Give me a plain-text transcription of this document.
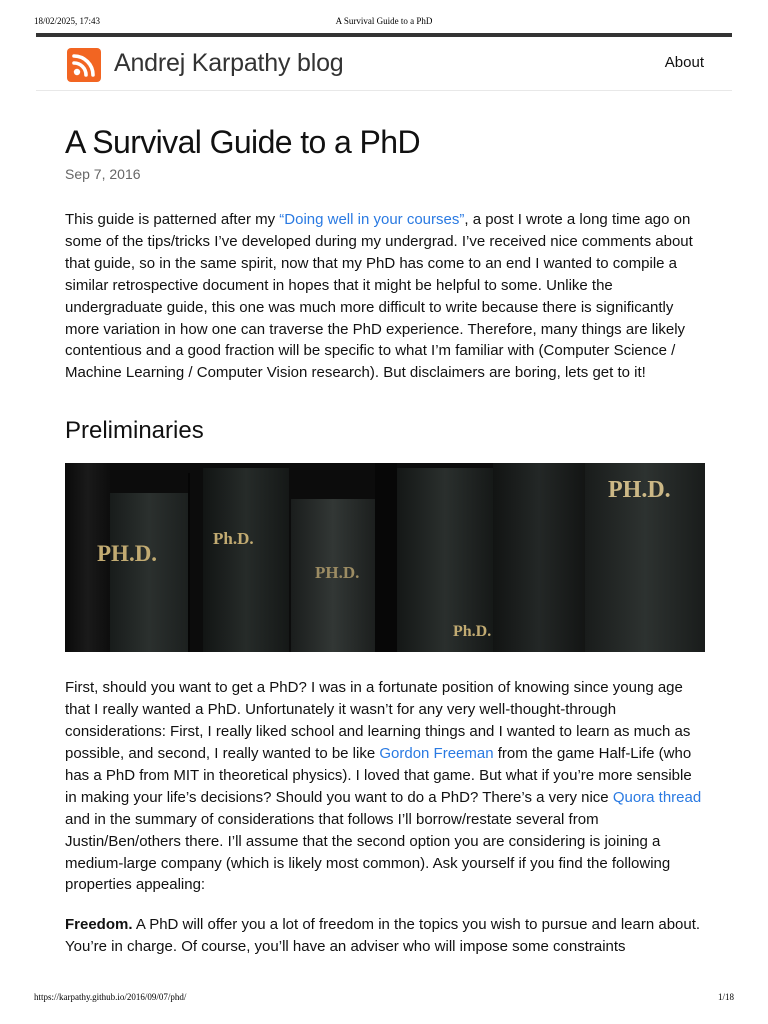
18/02/2025, 17:43	A Survival Guide to a PhD
Andrej Karpathy blog	About
A Survival Guide to a PhD
Sep 7, 2016

This guide is patterned after my “Doing well in your courses”, a post I wrote a long time ago on some of the tips/tricks I’ve developed during my undergrad. I’ve received nice comments about that guide, so in the same spirit, now that my PhD has come to an end I wanted to compile a similar retrospective document in hopes that it might be helpful to some. Unlike the undergraduate guide, this one was much more difficult to write because there is significantly more variation in how one can traverse the PhD experience. Therefore, many things are likely contentious and a good fraction will be specific to what I’m familiar with (Computer Science / Machine Learning / Computer Vision research). But disclaimers are boring, lets get to it!

Preliminaries
PH.D.
Ph.D.
PH.D.
Ph.D.
PH.D.

First, should you want to get a PhD? I was in a fortunate position of knowing since young age that I really wanted a PhD. Unfortunately it wasn’t for any very well-thought-through considerations: First, I really liked school and learning things and I wanted to learn as much as possible, and second, I really wanted to be like Gordon Freeman from the game Half-Life (who has a PhD from MIT in theoretical physics). I loved that game. But what if you’re more sensible in making your life’s decisions? Should you want to do a PhD? There’s a very nice Quora thread and in the summary of considerations that follows I’ll borrow/restate several from Justin/Ben/others there. I’ll assume that the second option you are considering is joining a medium-large company (which is likely most common). Ask yourself if you find the following properties appealing:

Freedom. A PhD will offer you a lot of freedom in the topics you wish to pursue and learn about. You’re in charge. Of course, you’ll have an adviser who will impose some constraints

https://karpathy.github.io/2016/09/07/phd/	1/18
